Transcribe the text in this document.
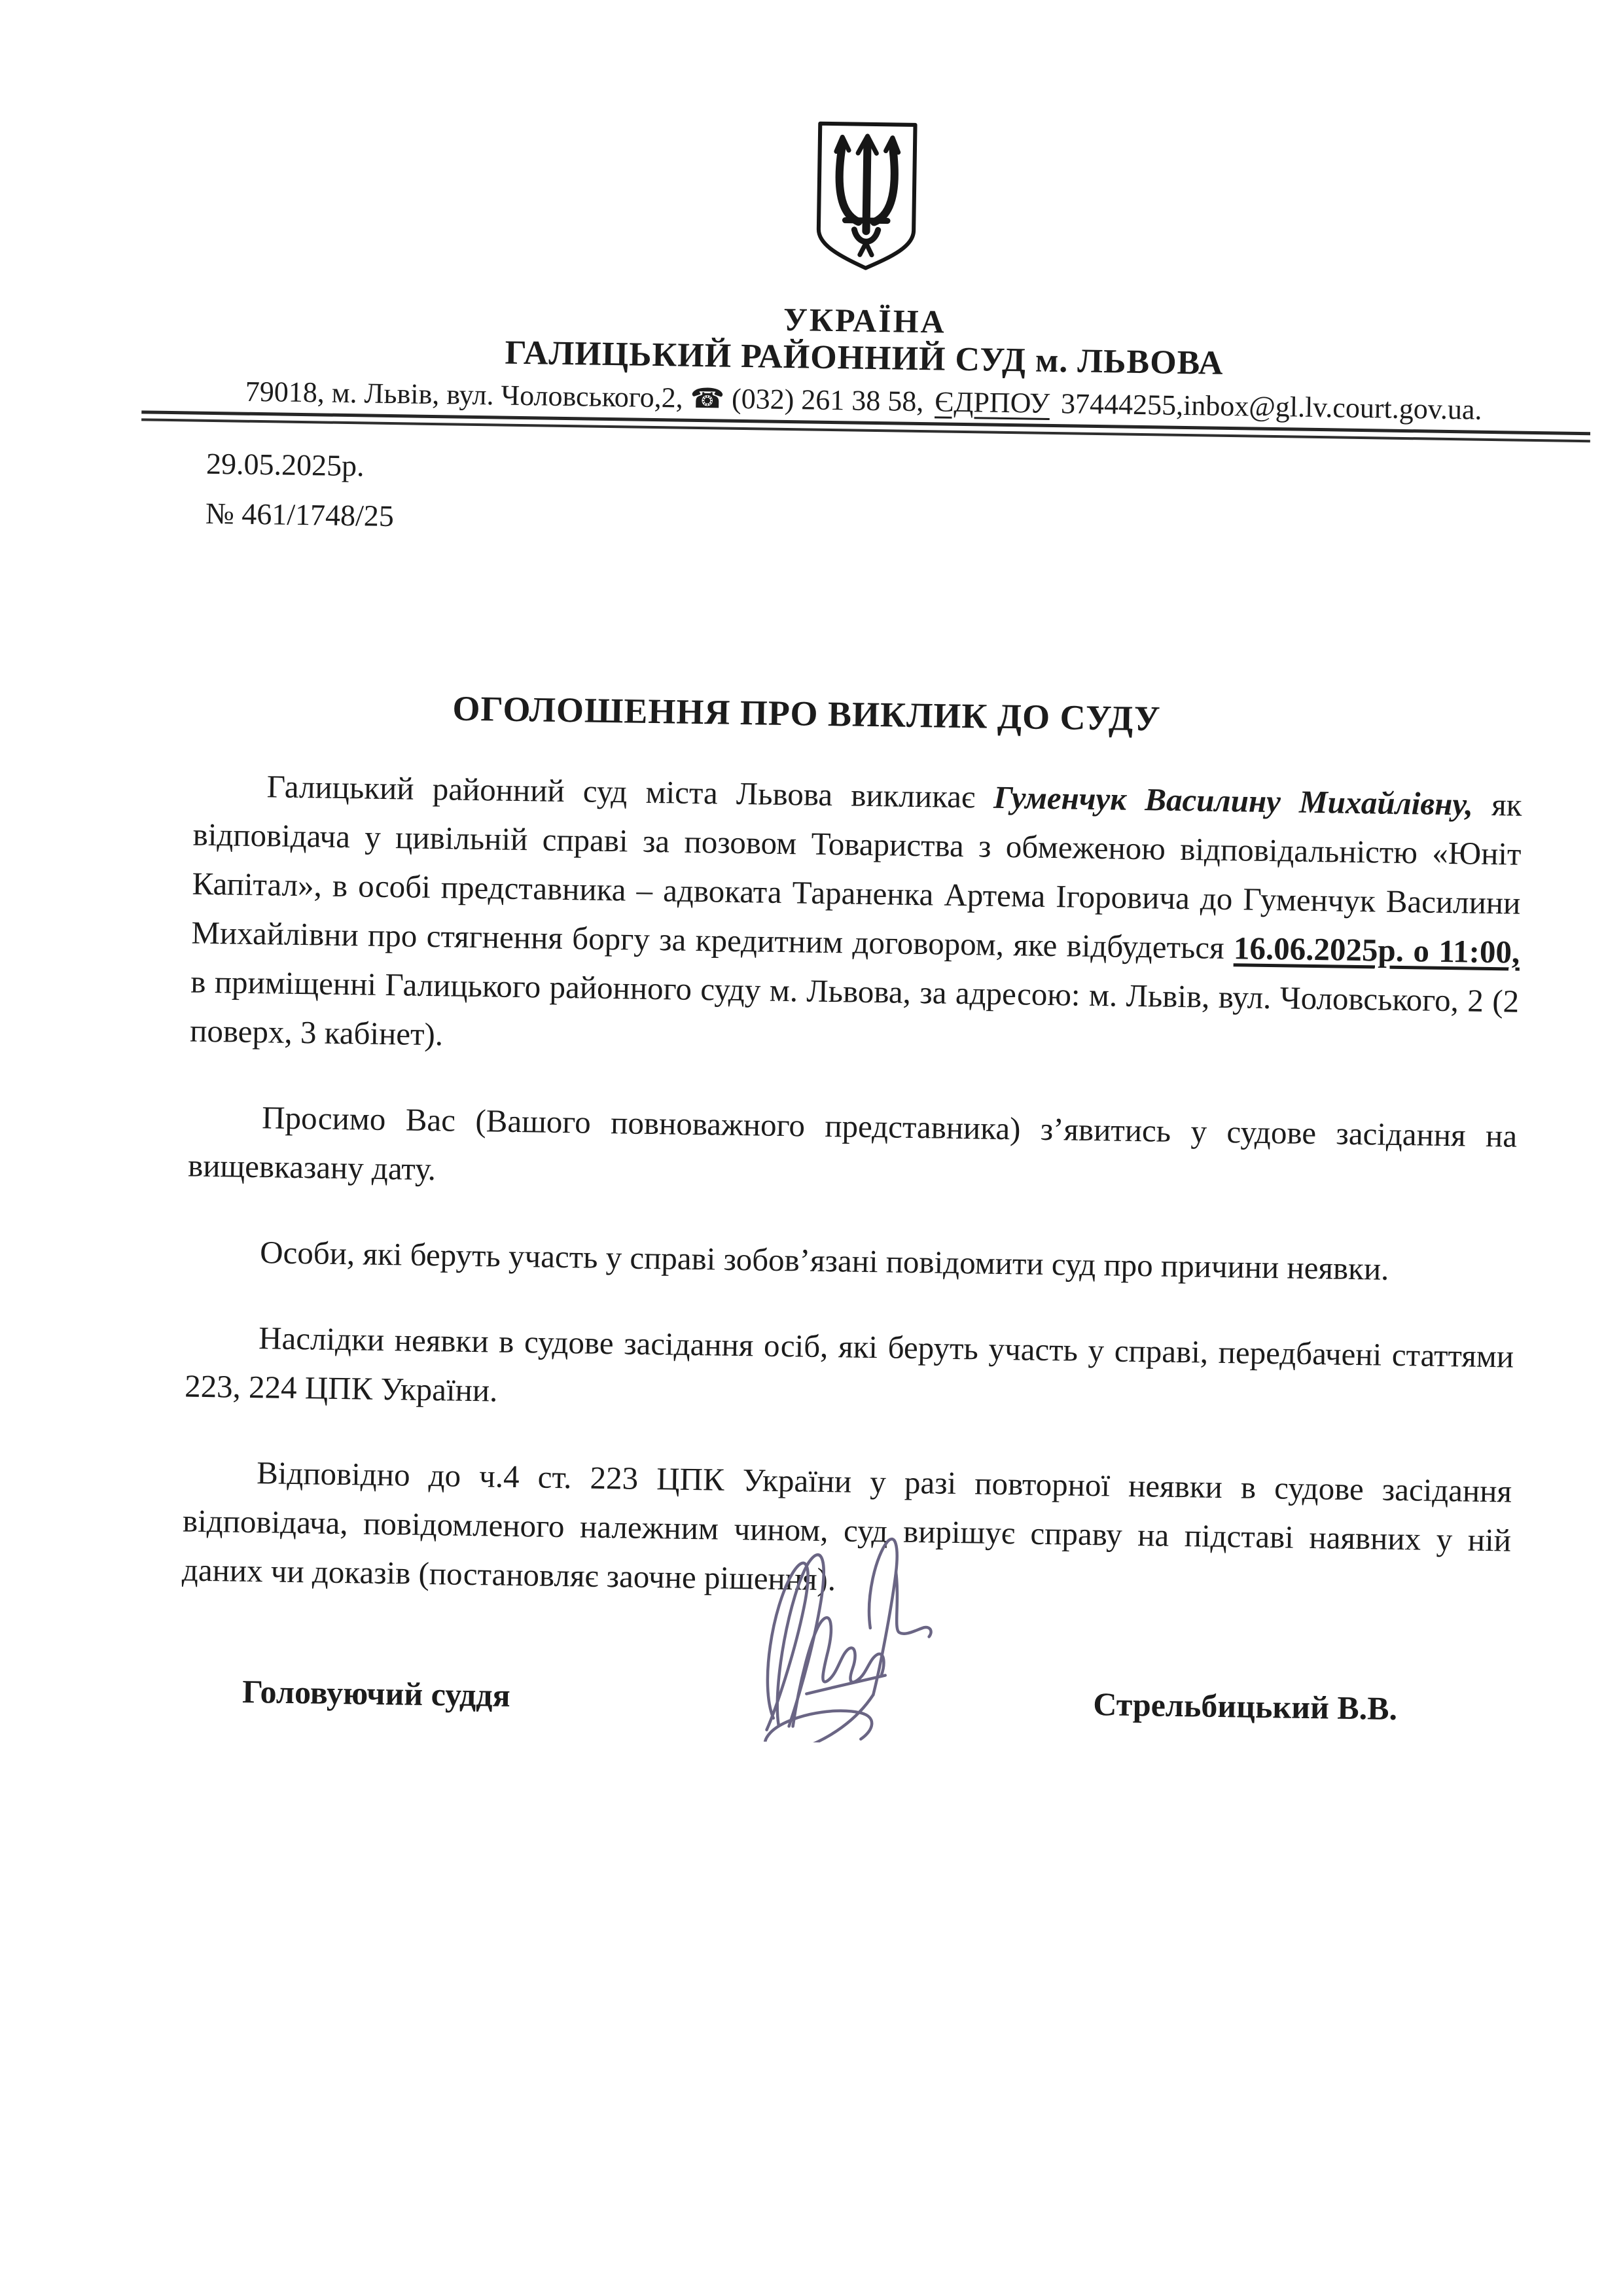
УКРАЇНА
ГАЛИЦЬКИЙ РАЙОННИЙ СУД м. ЛЬВОВА
79018, м. Львів, вул. Чоловського,2, ☎ (032) 261 38 58, ЄДРПОУ 37444255,inbox@gl.lv.court.gov.ua.
29.05.2025р.
№ 461/1748/25
ОГОЛОШЕННЯ ПРО ВИКЛИК ДО СУДУ

Галицький районний суд міста Львова викликає Гуменчук Василину Михайлівну, як відповідача у цивільній справі за позовом Товариства з обмеженою відповідальністю «Юніт Капітал», в особі представника – адвоката Тараненка Артема Ігоровича до Гуменчук Василини Михайлівни про стягнення боргу за кредитним договором, яке відбудеться 16.06.2025р. о 11:00, в приміщенні Галицького районного суду м. Львова, за адресою: м. Львів, вул. Чоловського, 2 (2 поверх, 3 кабінет).

Просимо Вас (Вашого повноважного представника) з’явитись у судове засідання на вищевказану дату.

Особи, які беруть участь у справі зобов’язані повідомити суд про причини неявки.

Наслідки неявки в судове засідання осіб, які беруть участь у справі, передбачені статтями 223, 224 ЦПК України.

Відповідно до ч.4 ст. 223 ЦПК України у разі повторної неявки в судове засідання відповідача, повідомленого належним чином, суд вирішує справу на підставі наявних у ній даних чи доказів (постановляє заочне рішення).

Головуючий суддя	Стрельбицький В.В.
